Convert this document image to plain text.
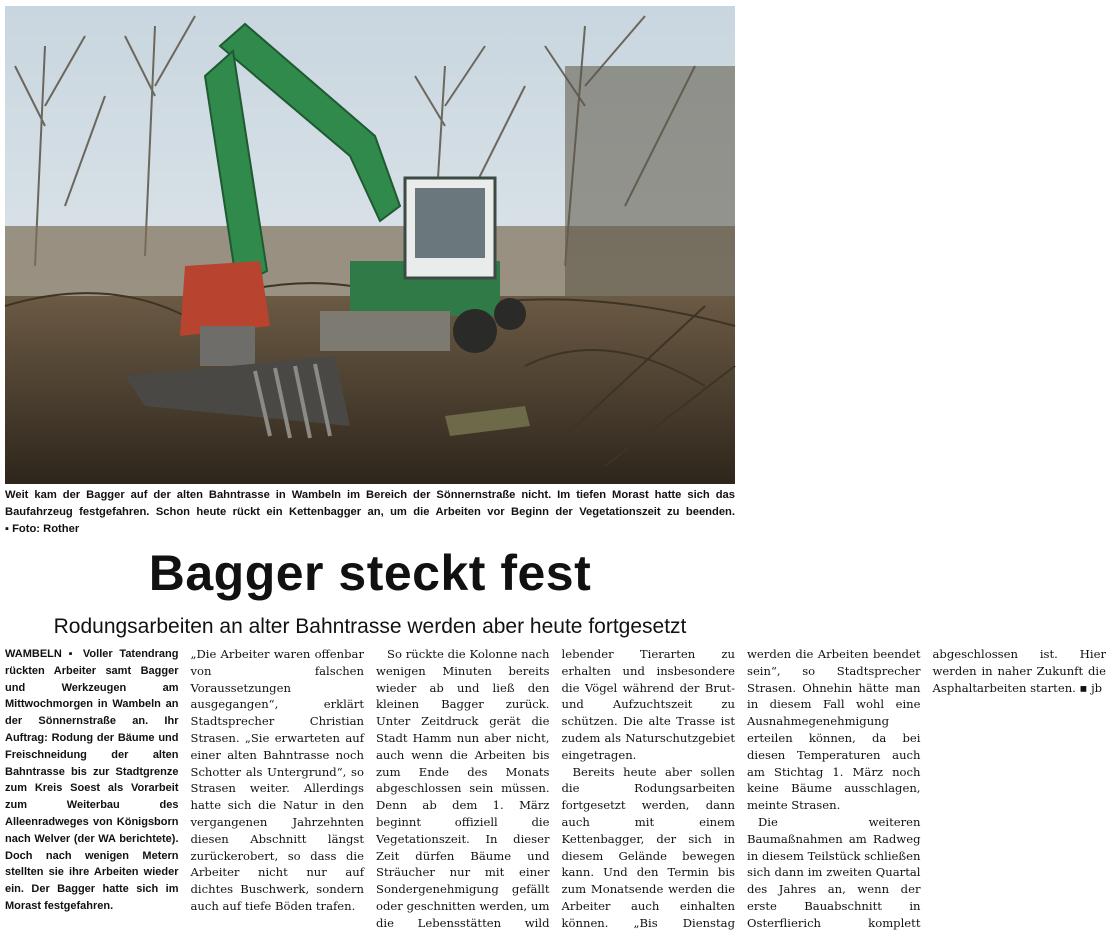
Weit kam der Bagger auf der alten Bahntrasse in Wambeln im Bereich der Sönnernstraße nicht. Im tiefen Morast hatte sich das Baufahrzeug festgefahren. Schon heute rückt ein Kettenbagger an, um die Arbeiten vor Beginn der Vegetationszeit zu beenden. ▪ Foto: Rother
Bagger steckt fest
Rodungsarbeiten an alter Bahntrasse werden aber heute fortgesetzt

WAMBELN ▪ Voller Tatendrang rückten Arbeiter samt Bagger und Werkzeugen am Mittwochmorgen in Wambeln an der Sönnernstraße an. Ihr Auftrag: Rodung der Bäume und Freischneidung der alten Bahntrasse bis zur Stadtgrenze zum Kreis Soest als Vorarbeit zum Weiterbau des Alleenradweges von Königsborn nach Welver (der WA berichtete). Doch nach wenigen Metern stellten sie ihre Arbeiten wieder ein. Der Bagger hatte sich im Morast festgefahren.

„Die Arbeiter waren offenbar von falschen Voraussetzungen ausgegangen“, erklärt Stadtsprecher Christian Strasen. „Sie erwarteten auf einer alten Bahntrasse noch Schotter als Untergrund“, so Strasen weiter. Allerdings hatte sich die Natur in den vergangenen Jahrzehnten diesen Abschnitt längst zurückerobert, so dass die Arbeiter nicht nur auf dichtes Buschwerk, sondern auch auf tiefe Böden trafen.

So rückte die Kolonne nach wenigen Minuten bereits wieder ab und ließ den kleinen Bagger zurück. Unter Zeitdruck gerät die Stadt Hamm nun aber nicht, auch wenn die Arbeiten bis zum Ende des Monats abgeschlossen sein müssen. Denn ab dem 1. März beginnt offiziell die Vegetationszeit. In dieser Zeit dürfen Bäume und Sträucher nur mit einer Sondergenehmigung gefällt oder geschnitten werden, um die Lebensstätten wild lebender Tierarten zu erhalten und insbesondere die Vögel während der Brut- und Aufzuchtszeit zu schützen. Die alte Trasse ist zudem als Naturschutzgebiet eingetragen.

Bereits heute aber sollen die Rodungsarbeiten fortgesetzt werden, dann auch mit einem Kettenbagger, der sich in diesem Gelände bewegen kann. Und den Termin bis zum Monatsende werden die Arbeiter auch einhalten können. „Bis Dienstag werden die Arbeiten beendet sein“, so Stadtsprecher Strasen. Ohnehin hätte man in diesem Fall wohl eine Ausnahmegenehmigung erteilen können, da bei diesen Temperaturen auch am Stichtag 1. März noch keine Bäume ausschlagen, meinte Strasen.

Die weiteren Baumaßnahmen am Radweg in diesem Teilstück schließen sich dann im zweiten Quartal des Jahres an, wenn der erste Bauabschnitt in Osterflierich komplett abgeschlossen ist. Hier werden in naher Zukunft die Asphaltarbeiten starten. ▪ jb
